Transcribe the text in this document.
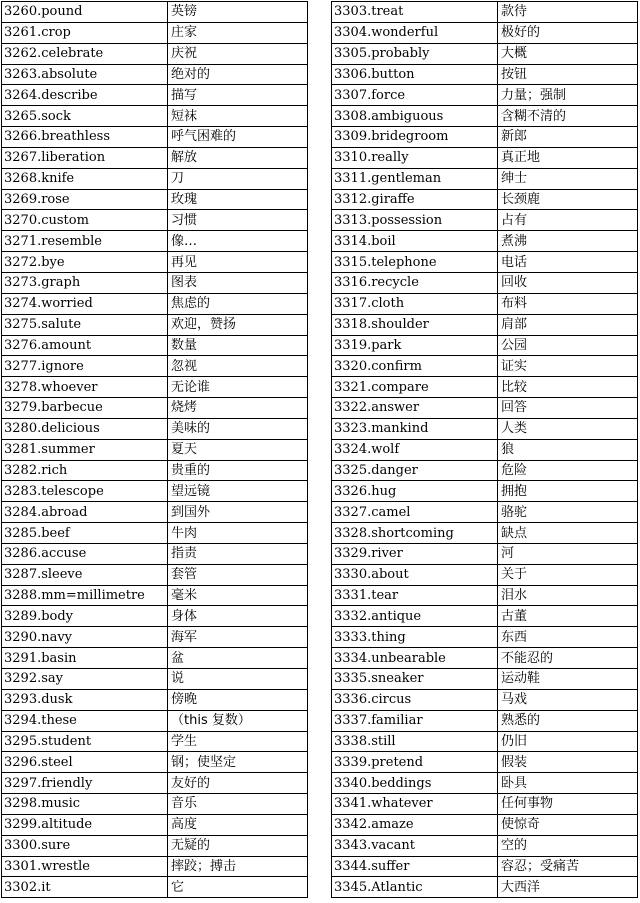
3260.pound	英镑
3261.crop	庄家
3262.celebrate	庆祝
3263.absolute	绝对的
3264.describe	描写
3265.sock	短袜
3266.breathless	呼气困难的
3267.liberation	解放
3268.knife	刀
3269.rose	玫瑰
3270.custom	习惯
3271.resemble	像…
3272.bye	再见
3273.graph	图表
3274.worried	焦虑的
3275.salute	欢迎，赞扬
3276.amount	数量
3277.ignore	忽视
3278.whoever	无论谁
3279.barbecue	烧烤
3280.delicious	美味的
3281.summer	夏天
3282.rich	贵重的
3283.telescope	望远镜
3284.abroad	到国外
3285.beef	牛肉
3286.accuse	指责
3287.sleeve	套管
3288.mm=millimetre	毫米
3289.body	身体
3290.navy	海军
3291.basin	盆
3292.say	说
3293.dusk	傍晚
3294.these	（this 复数）
3295.student	学生
3296.steel	钢；使坚定
3297.friendly	友好的
3298.music	音乐
3299.altitude	高度
3300.sure	无疑的
3301.wrestle	摔跤；搏击
3302.it	它
3303.treat	款待
3304.wonderful	极好的
3305.probably	大概
3306.button	按钮
3307.force	力量；强制
3308.ambiguous	含糊不清的
3309.bridegroom	新郎
3310.really	真正地
3311.gentleman	绅士
3312.giraffe	长颈鹿
3313.possession	占有
3314.boil	煮沸
3315.telephone	电话
3316.recycle	回收
3317.cloth	布料
3318.shoulder	肩部
3319.park	公园
3320.confirm	证实
3321.compare	比较
3322.answer	回答
3323.mankind	人类
3324.wolf	狼
3325.danger	危险
3326.hug	拥抱
3327.camel	骆驼
3328.shortcoming	缺点
3329.river	河
3330.about	关于
3331.tear	泪水
3332.antique	古董
3333.thing	东西
3334.unbearable	不能忍的
3335.sneaker	运动鞋
3336.circus	马戏
3337.familiar	熟悉的
3338.still	仍旧
3339.pretend	假装
3340.beddings	卧具
3341.whatever	任何事物
3342.amaze	使惊奇
3343.vacant	空的
3344.suffer	容忍；受痛苦
3345.Atlantic	大西洋
